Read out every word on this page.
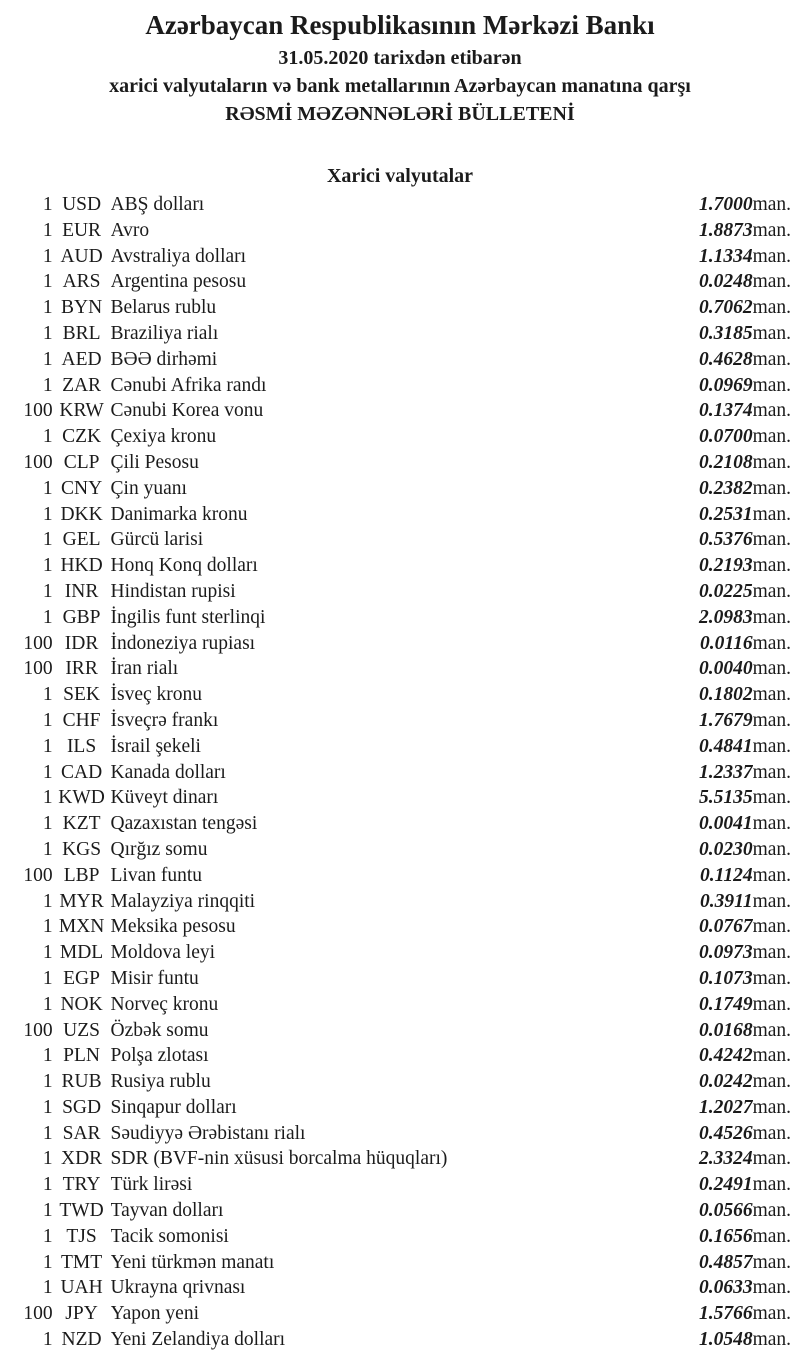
Azərbaycan Respublikasının Mərkəzi Bankı
31.05.2020 tarixdən etibarən
xarici valyutaların və bank metallarının Azərbaycan manatına qarşı
RƏSMİ MƏZƏNNƏLƏRİ BÜLLETENİ
Xarici valyutalar
1	USD	ABŞ dolları	1.7000	man.
1	EUR	Avro	1.8873	man.
1	AUD	Avstraliya dolları	1.1334	man.
1	ARS	Argentina pesosu	0.0248	man.
1	BYN	Belarus rublu	0.7062	man.
1	BRL	Braziliya rialı	0.3185	man.
1	AED	BƏƏ dirhəmi	0.4628	man.
1	ZAR	Cənubi Afrika randı	0.0969	man.
100	KRW	Cənubi Korea vonu	0.1374	man.
1	CZK	Çexiya kronu	0.0700	man.
100	CLP	Çili Pesosu	0.2108	man.
1	CNY	Çin yuanı	0.2382	man.
1	DKK	Danimarka kronu	0.2531	man.
1	GEL	Gürcü larisi	0.5376	man.
1	HKD	Honq Konq dolları	0.2193	man.
1	INR	Hindistan rupisi	0.0225	man.
1	GBP	İngilis funt sterlinqi	2.0983	man.
100	IDR	İndoneziya rupiası	0.0116	man.
100	IRR	İran rialı	0.0040	man.
1	SEK	İsveç kronu	0.1802	man.
1	CHF	İsveçrə frankı	1.7679	man.
1	ILS	İsrail şekeli	0.4841	man.
1	CAD	Kanada dolları	1.2337	man.
1	KWD	Küveyt dinarı	5.5135	man.
1	KZT	Qazaxıstan tengəsi	0.0041	man.
1	KGS	Qırğız somu	0.0230	man.
100	LBP	Livan funtu	0.1124	man.
1	MYR	Malayziya rinqqiti	0.3911	man.
1	MXN	Meksika pesosu	0.0767	man.
1	MDL	Moldova leyi	0.0973	man.
1	EGP	Misir funtu	0.1073	man.
1	NOK	Norveç kronu	0.1749	man.
100	UZS	Özbək somu	0.0168	man.
1	PLN	Polşa zlotası	0.4242	man.
1	RUB	Rusiya rublu	0.0242	man.
1	SGD	Sinqapur dolları	1.2027	man.
1	SAR	Səudiyyə Ərəbistanı rialı	0.4526	man.
1	XDR	SDR (BVF-nin xüsusi borcalma hüquqları)	2.3324	man.
1	TRY	Türk lirəsi	0.2491	man.
1	TWD	Tayvan dolları	0.0566	man.
1	TJS	Tacik somonisi	0.1656	man.
1	TMT	Yeni türkmən manatı	0.4857	man.
1	UAH	Ukrayna qrivnası	0.0633	man.
100	JPY	Yapon yeni	1.5766	man.
1	NZD	Yeni Zelandiya dolları	1.0548	man.
